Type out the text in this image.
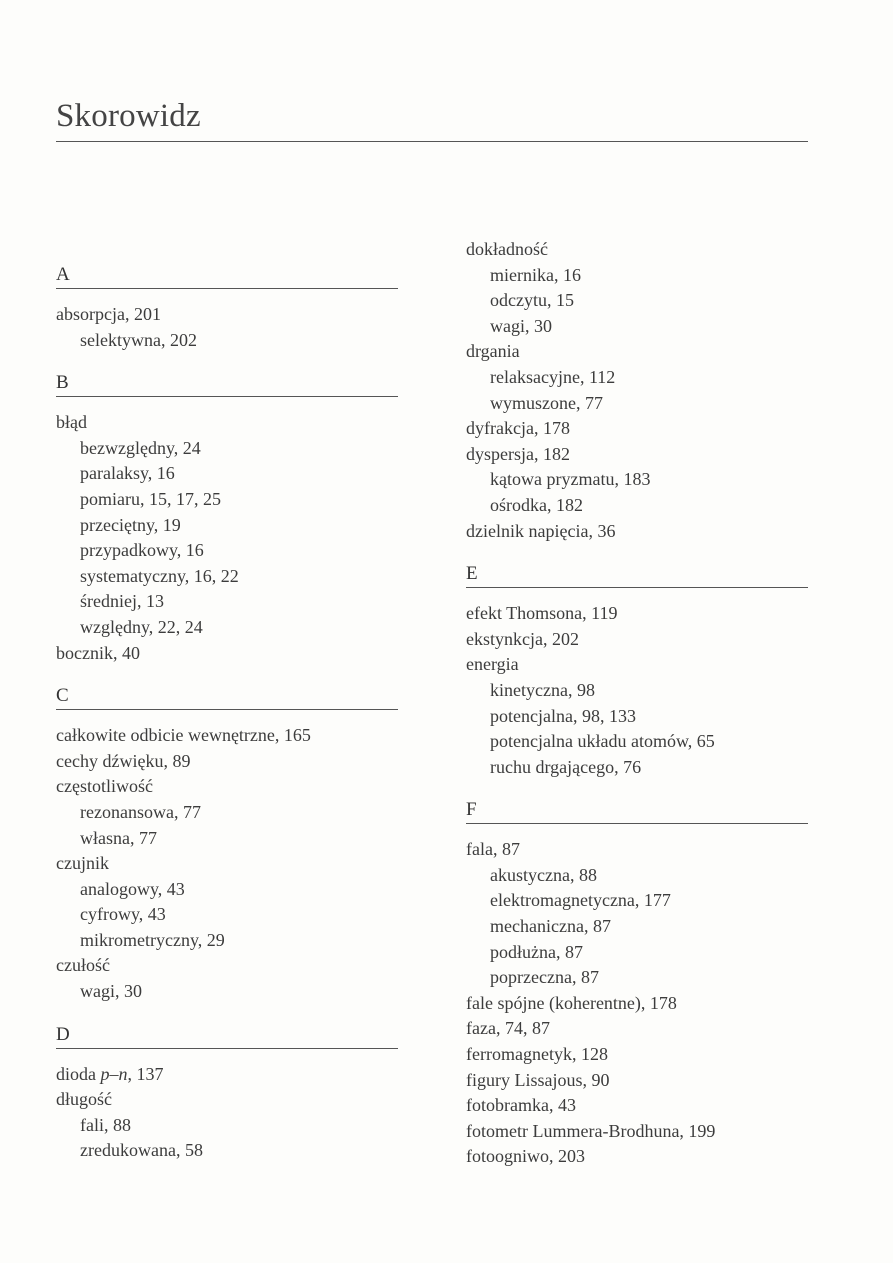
Skorowidz
A
absorpcja, 201
selektywna, 202
B
błąd
bezwzględny, 24
paralaksy, 16
pomiaru, 15, 17, 25
przeciętny, 19
przypadkowy, 16
systematyczny, 16, 22
średniej, 13
względny, 22, 24
bocznik, 40
C
całkowite odbicie wewnętrzne, 165
cechy dźwięku, 89
częstotliwość
rezonansowa, 77
własna, 77
czujnik
analogowy, 43
cyfrowy, 43
mikrometryczny, 29
czułość
wagi, 30
D
dioda p–n, 137
długość
fali, 88
zredukowana, 58
dokładność
miernika, 16
odczytu, 15
wagi, 30
drgania
relaksacyjne, 112
wymuszone, 77
dyfrakcja, 178
dyspersja, 182
kątowa pryzmatu, 183
ośrodka, 182
dzielnik napięcia, 36
E
efekt Thomsona, 119
ekstynkcja, 202
energia
kinetyczna, 98
potencjalna, 98, 133
potencjalna układu atomów, 65
ruchu drgającego, 76
F
fala, 87
akustyczna, 88
elektromagnetyczna, 177
mechaniczna, 87
podłużna, 87
poprzeczna, 87
fale spójne (koherentne), 178
faza, 74, 87
ferromagnetyk, 128
figury Lissajous, 90
fotobramka, 43
fotometr Lummera-Brodhuna, 199
fotoogniwo, 203
